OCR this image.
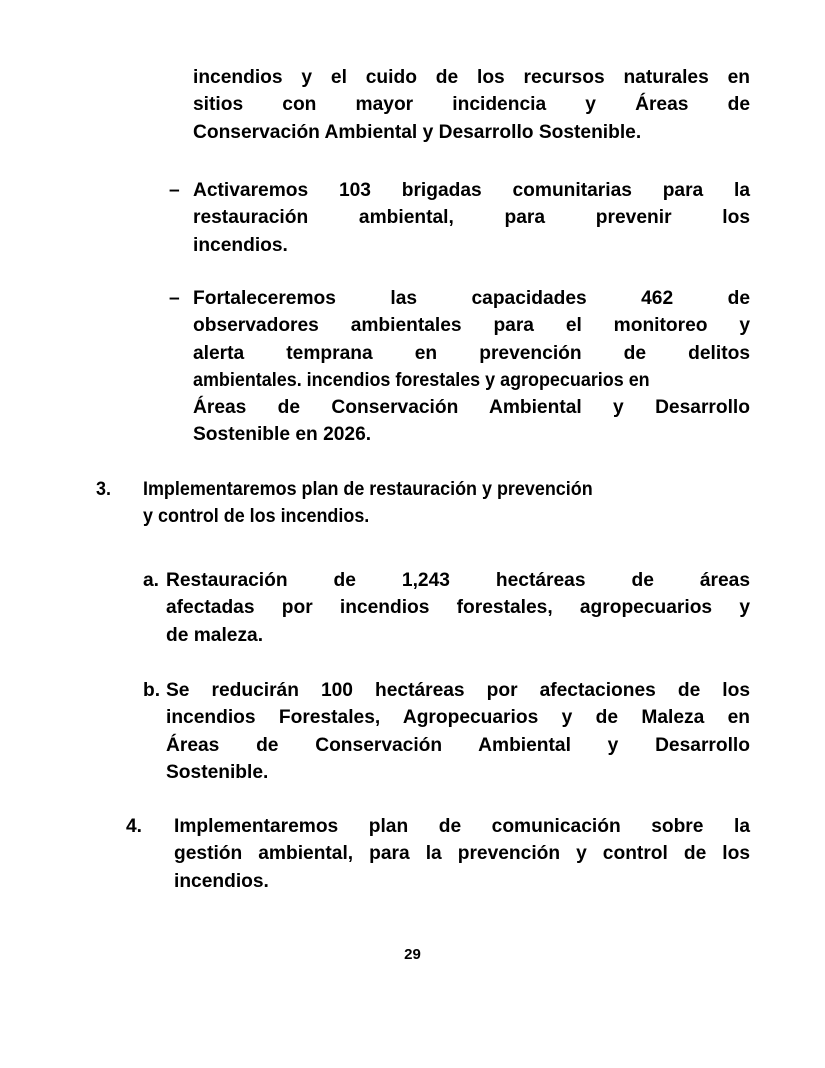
incendios y el cuido de los recursos naturales en
sitios con mayor incidencia y Áreas de
Conservación Ambiental y Desarrollo Sostenible.
– Activaremos 103 brigadas comunitarias para la
restauración ambiental, para prevenir los
incendios.
– Fortaleceremos las capacidades 462 de
observadores ambientales para el monitoreo y
alerta temprana en prevención de delitos
ambientales. incendios forestales y agropecuarios en
Áreas de Conservación Ambiental y Desarrollo
Sostenible en 2026.
3.	Implementaremos plan de restauración y prevención
y control de los incendios.
a. Restauración de 1,243 hectáreas de áreas
afectadas por incendios forestales, agropecuarios y
de maleza.
b. Se reducirán 100 hectáreas por afectaciones de los
incendios Forestales, Agropecuarios y de Maleza en
Áreas de Conservación Ambiental y Desarrollo
Sostenible.
4.	Implementaremos plan de comunicación sobre la
gestión ambiental, para la prevención y control de los
incendios.
29
